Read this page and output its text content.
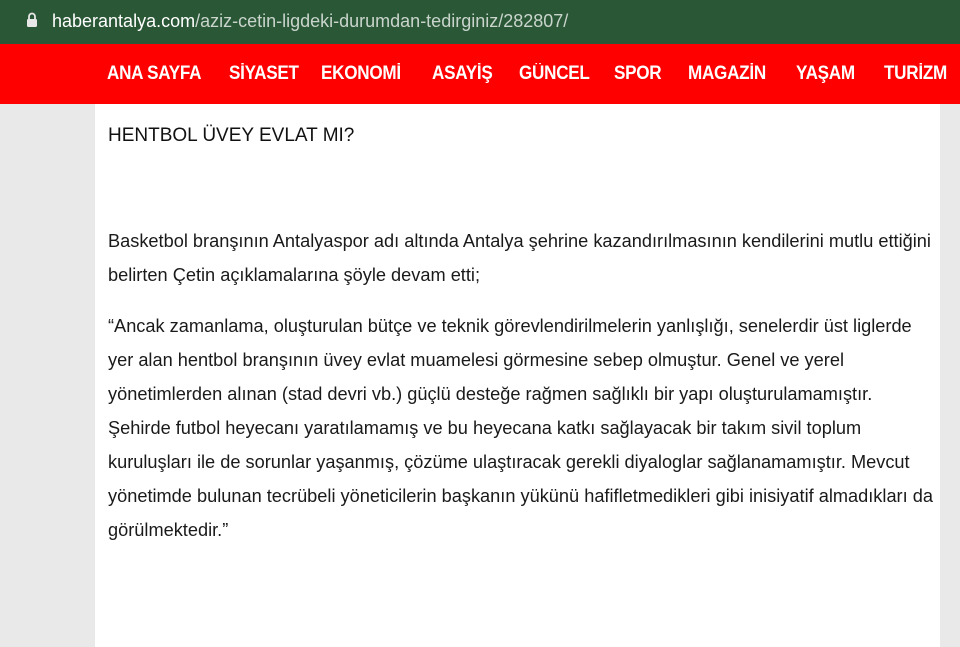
haberantalya.com/aziz-cetin-ligdeki-durumdan-tedirginiz/282807/
ANA SAYFA SİYASET EKONOMİ ASAYİŞ GÜNCEL SPOR MAGAZİN YAŞAM TURİZM
HENTBOL ÜVEY EVLAT MI?

Basketbol branşının Antalyaspor adı altında Antalya şehrine kazandırılmasının kendilerini mutlu ettiğini belirten Çetin açıklamalarına şöyle devam etti;

“Ancak zamanlama, oluşturulan bütçe ve teknik görevlendirilmelerin yanlışlığı, senelerdir üst liglerde yer alan hentbol branşının üvey evlat muamelesi görmesine sebep olmuştur. Genel ve yerel yönetimlerden alınan (stad devri vb.) güçlü desteğe rağmen sağlıklı bir yapı oluşturulamamıştır. Şehirde futbol heyecanı yaratılamamış ve bu heyecana katkı sağlayacak bir takım sivil toplum kuruluşları ile de sorunlar yaşanmış, çözüme ulaştıracak gerekli diyaloglar sağlanamamıştır. Mevcut yönetimde bulunan tecrübeli yöneticilerin başkanın yükünü hafifletmedikleri gibi inisiyatif almadıkları da görülmektedir.”
